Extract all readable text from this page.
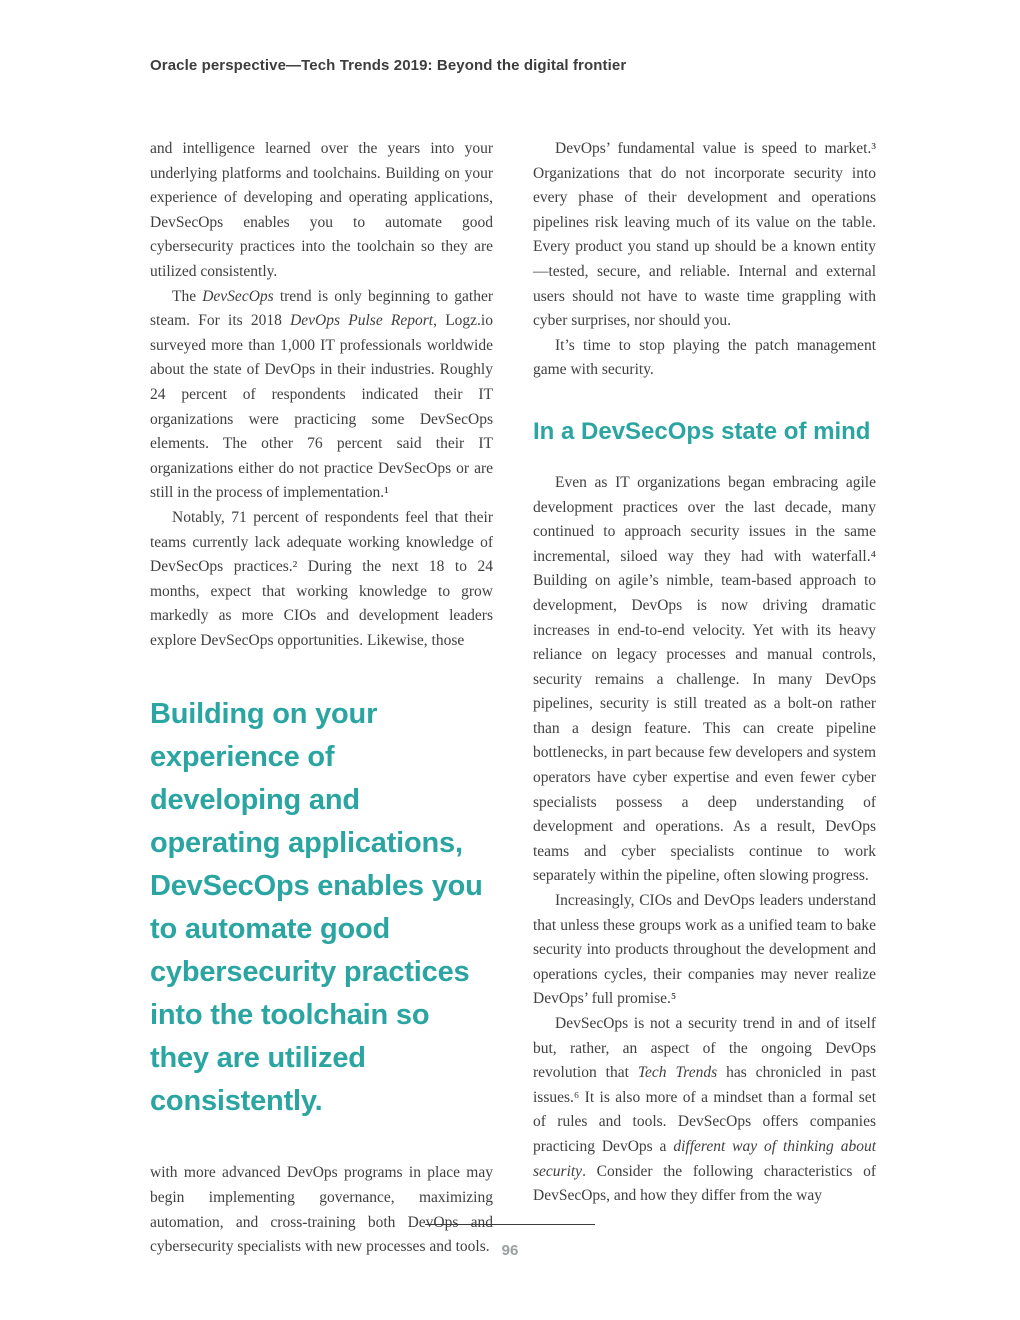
Oracle perspective—Tech Trends 2019: Beyond the digital frontier

and intelligence learned over the years into your underlying platforms and toolchains. Building on your experience of developing and operating applications, DevSecOps enables you to automate good cybersecurity practices into the toolchain so they are utilized consistently.

The DevSecOps trend is only beginning to gather steam. For its 2018 DevOps Pulse Report, Logz.io surveyed more than 1,000 IT professionals worldwide about the state of DevOps in their industries. Roughly 24 percent of respondents indicated their IT organizations were practicing some DevSecOps elements. The other 76 percent said their IT organizations either do not practice DevSecOps or are still in the process of implementation.¹

Notably, 71 percent of respondents feel that their teams currently lack adequate working knowledge of DevSecOps practices.² During the next 18 to 24 months, expect that working knowledge to grow markedly as more CIOs and development leaders explore DevSecOps opportunities. Likewise, those

Building on your experience of developing and operating applications, DevSecOps enables you to automate good cybersecurity practices into the toolchain so they are utilized consistently.

with more advanced DevOps programs in place may begin implementing governance, maximizing automation, and cross-training both DevOps and cybersecurity specialists with new processes and tools.

DevOps’ fundamental value is speed to market.³ Organizations that do not incorporate security into every phase of their development and operations pipelines risk leaving much of its value on the table. Every product you stand up should be a known entity—tested, secure, and reliable. Internal and external users should not have to waste time grappling with cyber surprises, nor should you.

It’s time to stop playing the patch management game with security.

In a DevSecOps state of mind

Even as IT organizations began embracing agile development practices over the last decade, many continued to approach security issues in the same incremental, siloed way they had with waterfall.⁴ Building on agile’s nimble, team-based approach to development, DevOps is now driving dramatic increases in end-to-end velocity. Yet with its heavy reliance on legacy processes and manual controls, security remains a challenge. In many DevOps pipelines, security is still treated as a bolt-on rather than a design feature. This can create pipeline bottlenecks, in part because few developers and system operators have cyber expertise and even fewer cyber specialists possess a deep understanding of development and operations. As a result, DevOps teams and cyber specialists continue to work separately within the pipeline, often slowing progress.

Increasingly, CIOs and DevOps leaders understand that unless these groups work as a unified team to bake security into products throughout the development and operations cycles, their companies may never realize DevOps’ full promise.⁵

DevSecOps is not a security trend in and of itself but, rather, an aspect of the ongoing DevOps revolution that Tech Trends has chronicled in past issues.⁶ It is also more of a mindset than a formal set of rules and tools. DevSecOps offers companies practicing DevOps a different way of thinking about security. Consider the following characteristics of DevSecOps, and how they differ from the way

96
